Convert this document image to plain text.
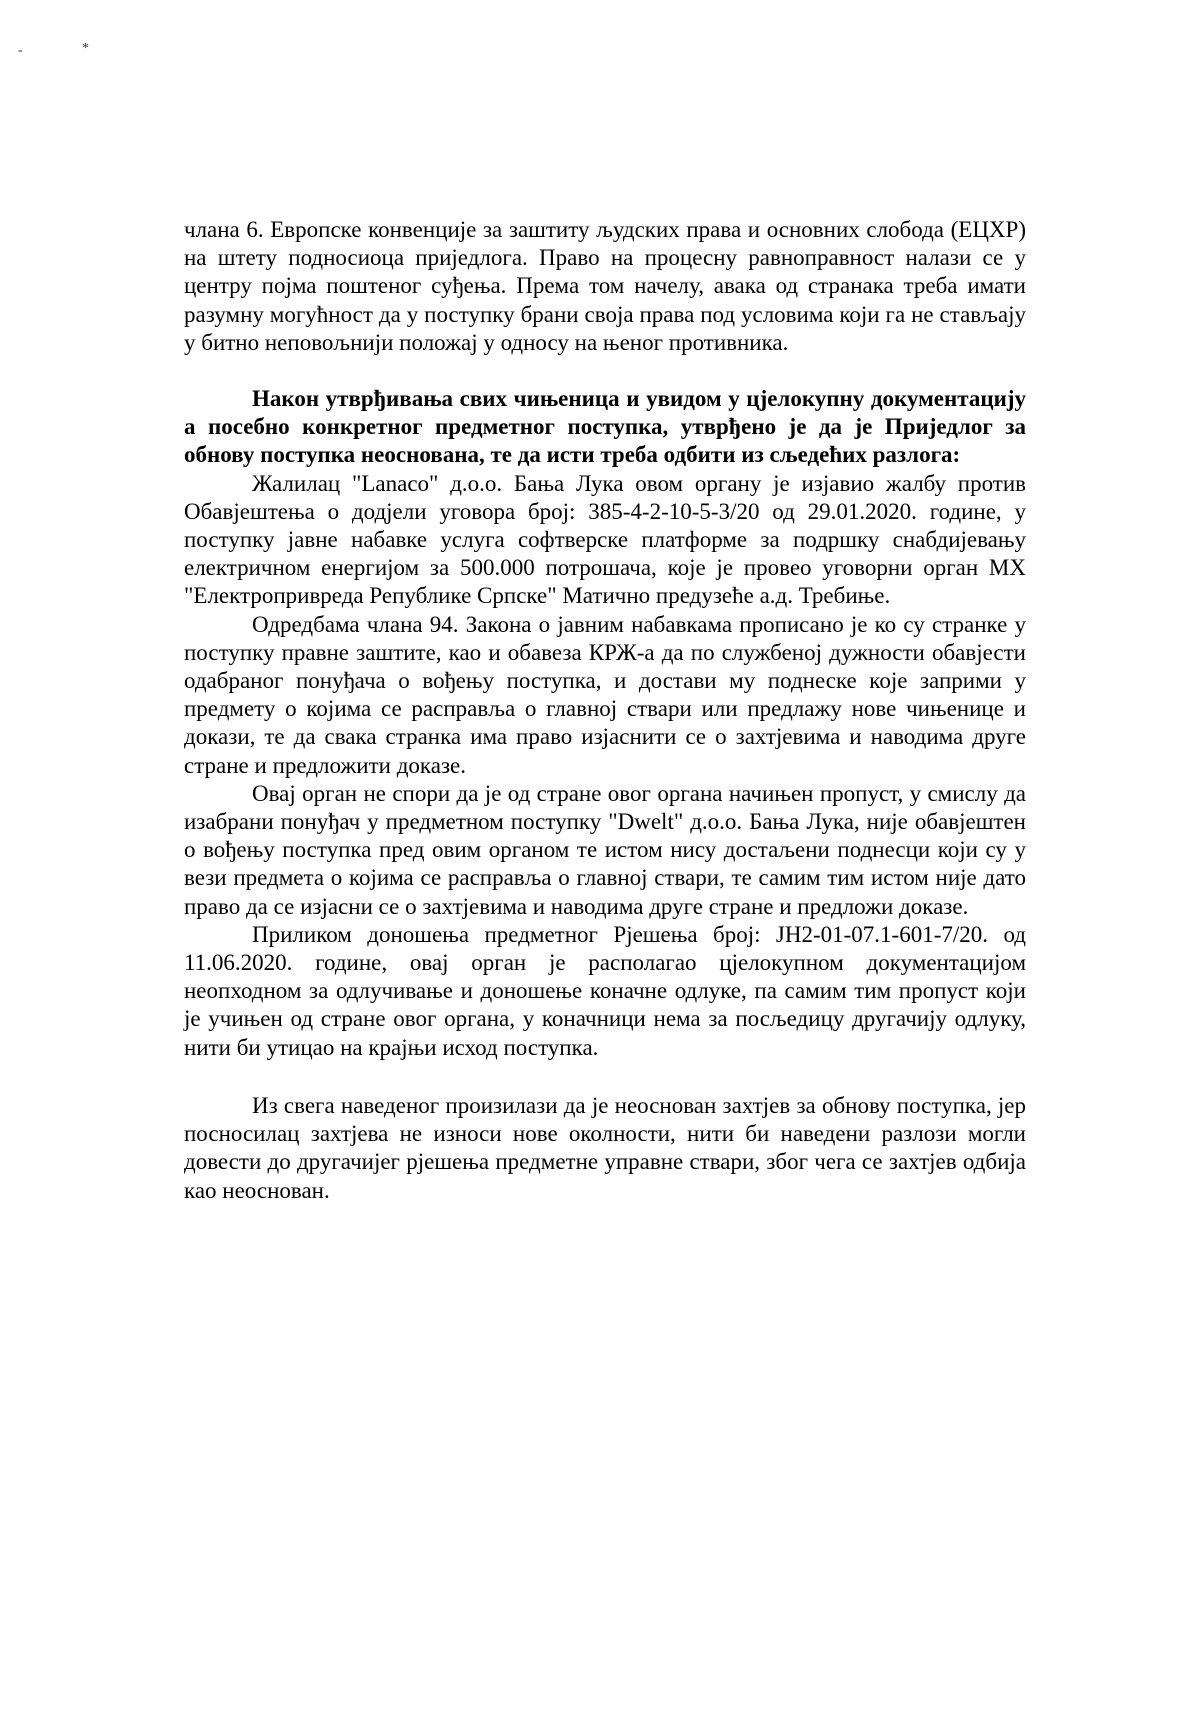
-	*

члана 6. Европске конвенције за заштиту људских права и основних слобода (ЕЦХР) на штету подносиоца приједлога. Право на процесну равноправност налази се у центру појма поштеног суђења. Према том начелу, авака од странака треба имати разумну могућност да у поступку брани своја права под условима који га не стављају у битно неповољнији положај у односу на њеног противника.

Након утврђивања свих чињеница и увидом у цјелокупну документацију а посебно конкретног предметног поступка, утврђено је да је Приједлог за обнову поступка неоснована, те да исти треба одбити из сљедећих разлога:

Жалилац "Lanaco" д.о.о. Бања Лука овом органу је изјавио жалбу против Обавјештења о додјели уговора број: 385-4-2-10-5-3/20 од 29.01.2020. године, у поступку јавне набавке услуга софтверске платформе за подршку снабдијевању електричном енергијом за 500.000 потрошача, које је провео уговорни орган МХ "Електропривреда Републике Српске" Матично предузеће а.д. Требиње.

Одредбама члана 94. Закона о јавним набавкама прописано је ко су странке у поступку правне заштите, као и обавеза КРЖ-а да по службеној дужности обавјести одабраног понуђача о вођењу поступка, и достави му поднеске које заприми у предмету о којима се расправља о главној ствари или предлажу нове чињенице и докази, те да свака странка има право изјаснити се о захтјевима и наводима друге стране и предложити доказе.

Овај орган не спори да је од стране овог органа начињен пропуст, у смислу да изабрани понуђач у предметном поступку "Dwelt" д.о.о. Бања Лука, није обавјештен о вођењу поступка пред овим органом те истом нису достаљени поднесци који су у вези предмета о којима се расправља о главној ствари, те самим тим истом није дато право да се изјасни се о захтјевима и наводима друге стране и предложи доказе.

Приликом доношења предметног Рјешења број: ЈН2-01-07.1-601-7/20. од 11.06.2020. године, овај орган је располагао цјелокупном документацијом неопходном за одлучивање и доношење коначне одлуке, па самим тим пропуст који је учињен од стране овог органа, у коначници нема за посљедицу другачију одлуку, нити би утицао на крајњи исход поступка.

Из свега наведеног произилази да је неоснован захтјев за обнову поступка, јер посносилац захтјева не износи нове околности, нити би наведени разлози могли довести до другачијег рјешења предметне управне ствари, због чега се захтјев одбија као неоснован.
